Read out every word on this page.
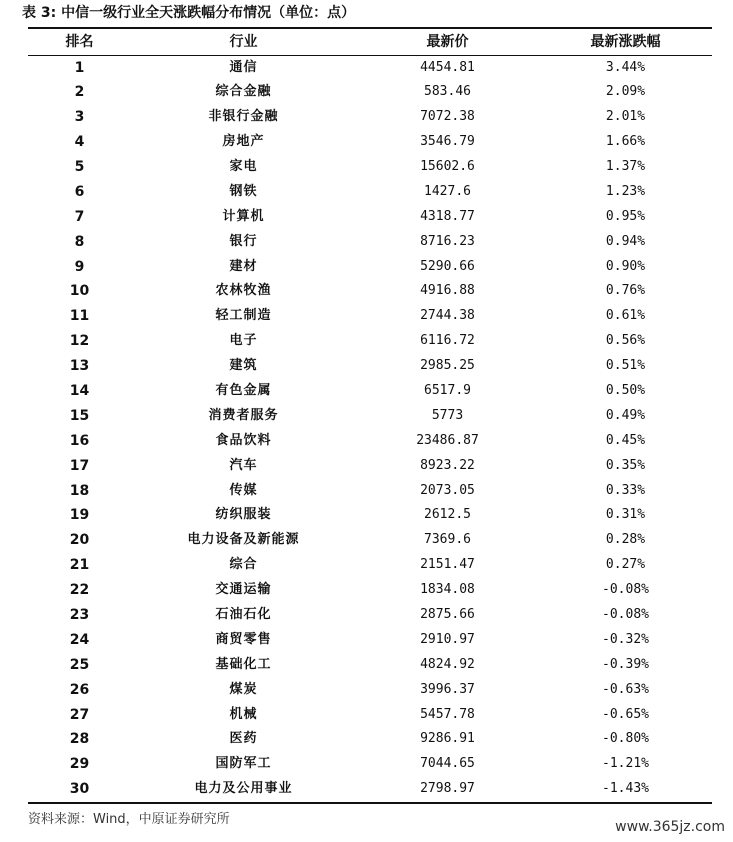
表 3: 中信一级行业全天涨跌幅分布情况（单位：点）
排名	行业	最新价	最新涨跌幅
1	通信	4454.81	3.44%
2	综合金融	583.46	2.09%
3	非银行金融	7072.38	2.01%
4	房地产	3546.79	1.66%
5	家电	15602.6	1.37%
6	钢铁	1427.6	1.23%
7	计算机	4318.77	0.95%
8	银行	8716.23	0.94%
9	建材	5290.66	0.90%
10	农林牧渔	4916.88	0.76%
11	轻工制造	2744.38	0.61%
12	电子	6116.72	0.56%
13	建筑	2985.25	0.51%
14	有色金属	6517.9	0.50%
15	消费者服务	5773	0.49%
16	食品饮料	23486.87	0.45%
17	汽车	8923.22	0.35%
18	传媒	2073.05	0.33%
19	纺织服装	2612.5	0.31%
20	电力设备及新能源	7369.6	0.28%
21	综合	2151.47	0.27%
22	交通运输	1834.08	-0.08%
23	石油石化	2875.66	-0.08%
24	商贸零售	2910.97	-0.32%
25	基础化工	4824.92	-0.39%
26	煤炭	3996.37	-0.63%
27	机械	5457.78	-0.65%
28	医药	9286.91	-0.80%
29	国防军工	7044.65	-1.21%
30	电力及公用事业	2798.97	-1.43%
资料来源：Wind，中原证券研究所	www.365jz.com
